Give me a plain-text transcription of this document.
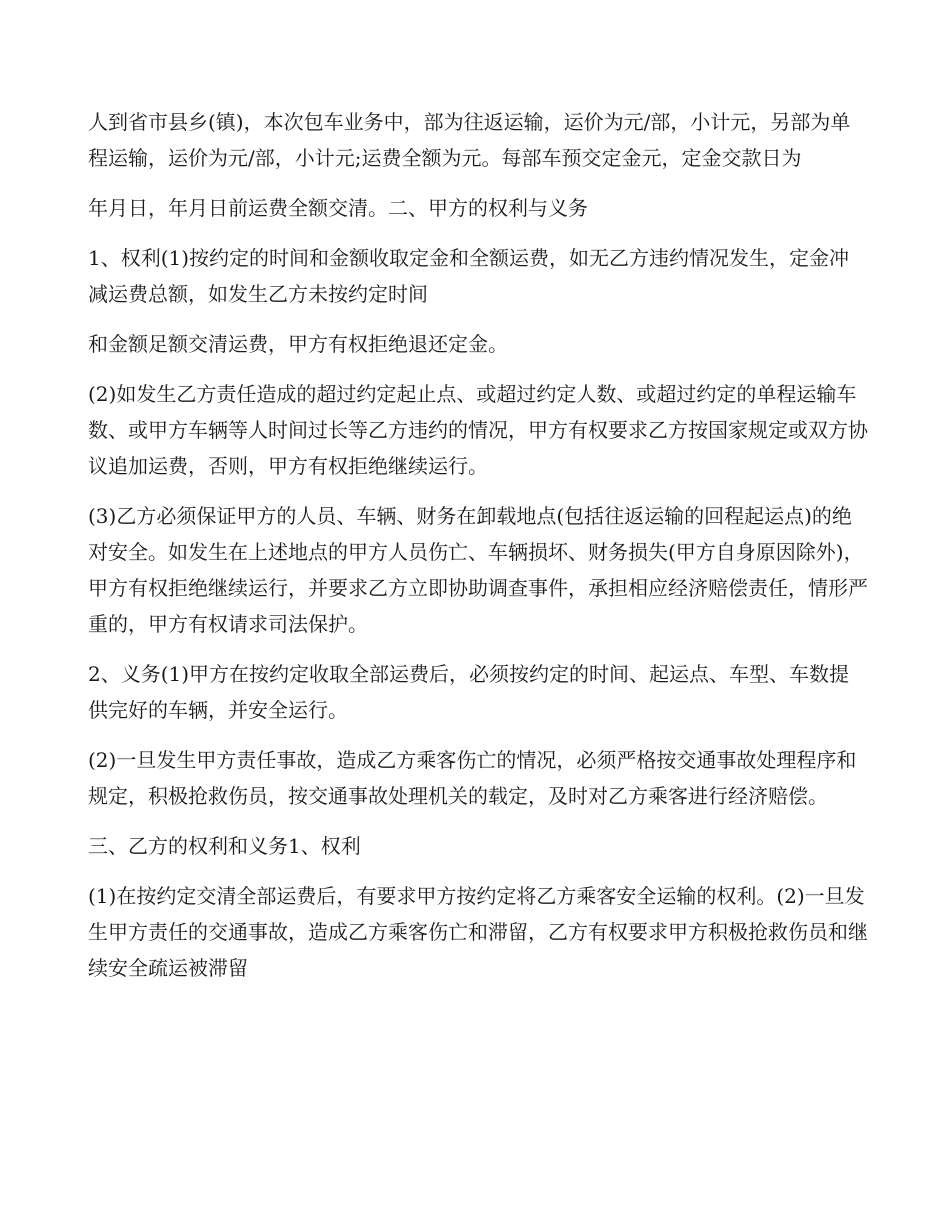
人到省市县乡(镇)，本次包车业务中，部为往返运输，运价为元/部，小计元，另部为单程运输，运价为元/部，小计元;运费全额为元。每部车预交定金元，定金交款日为

年月日，年月日前运费全额交清。二、甲方的权利与义务

1、权利(1)按约定的时间和金额收取定金和全额运费，如无乙方违约情况发生，定金冲减运费总额，如发生乙方未按约定时间

和金额足额交清运费，甲方有权拒绝退还定金。

(2)如发生乙方责任造成的超过约定起止点、或超过约定人数、或超过约定的单程运输车数、或甲方车辆等人时间过长等乙方违约的情况，甲方有权要求乙方按国家规定或双方协议追加运费，否则，甲方有权拒绝继续运行。

(3)乙方必须保证甲方的人员、车辆、财务在卸载地点(包括往返运输的回程起运点)的绝对安全。如发生在上述地点的甲方人员伤亡、车辆损坏、财务损失(甲方自身原因除外)，甲方有权拒绝继续运行，并要求乙方立即协助调查事件，承担相应经济赔偿责任，情形严重的，甲方有权请求司法保护。

2、义务(1)甲方在按约定收取全部运费后，必须按约定的时间、起运点、车型、车数提供完好的车辆，并安全运行。

(2)一旦发生甲方责任事故，造成乙方乘客伤亡的情况，必须严格按交通事故处理程序和规定，积极抢救伤员，按交通事故处理机关的载定，及时对乙方乘客进行经济赔偿。

三、乙方的权利和义务1、权利

(1)在按约定交清全部运费后，有要求甲方按约定将乙方乘客安全运输的权利。(2)一旦发生甲方责任的交通事故，造成乙方乘客伤亡和滞留，乙方有权要求甲方积极抢救伤员和继续安全疏运被滞留
